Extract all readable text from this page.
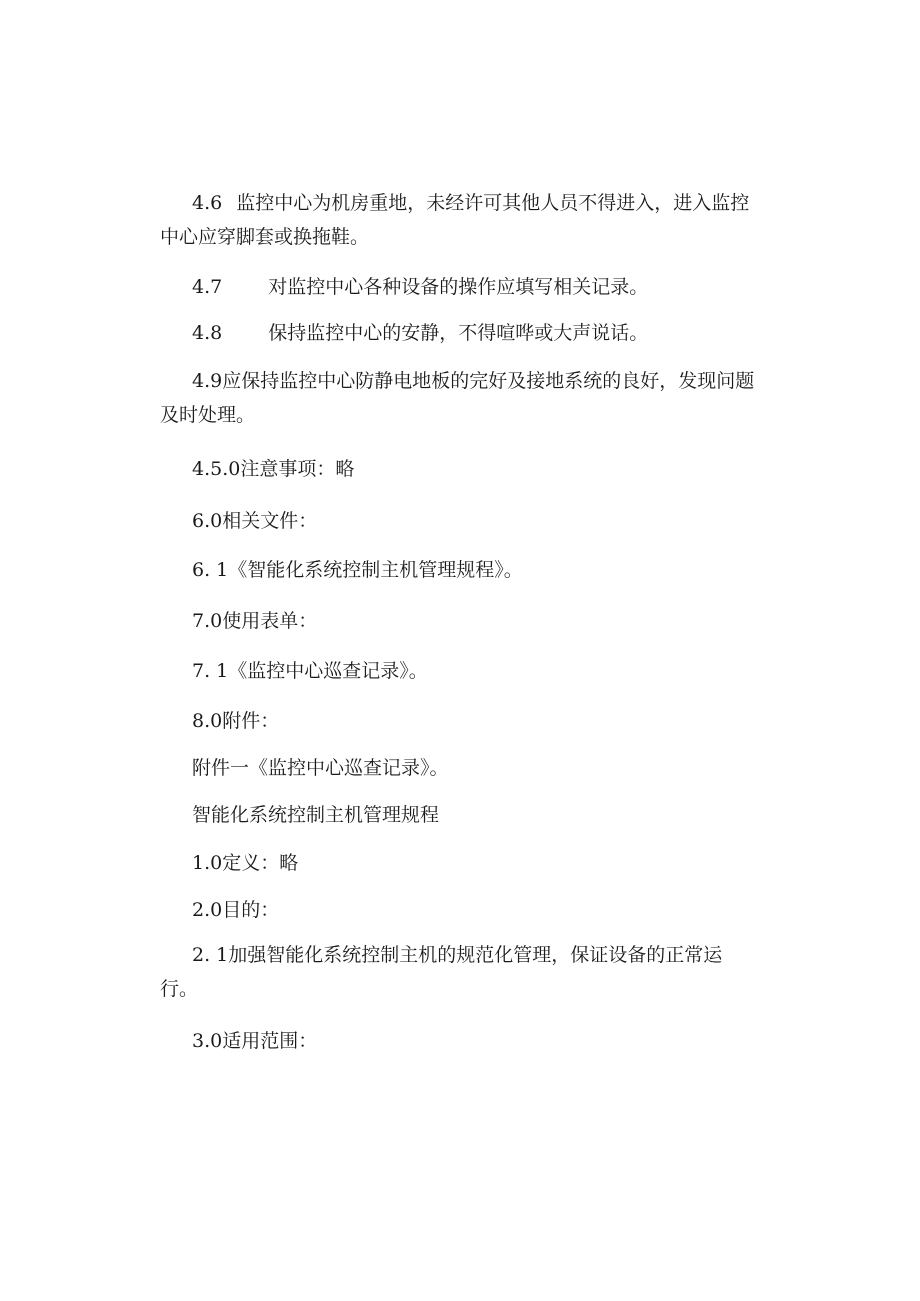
4.6 监控中心为机房重地，未经许可其他人员不得进入，进入监控中心应穿脚套或换拖鞋。

4.7 对监控中心各种设备的操作应填写相关记录。
4.8 保持监控中心的安静，不得喧哗或大声说话。

4.9应保持监控中心防静电地板的完好及接地系统的良好，发现问题及时处理。

4.5.0注意事项：略
6.0相关文件：
6. 1《智能化系统控制主机管理规程》。
7.0使用表单：
7. 1《监控中心巡查记录》。
8.0附件：
附件一《监控中心巡查记录》。
智能化系统控制主机管理规程
1.0定义：略
2.0目的：

2. 1加强智能化系统控制主机的规范化管理，保证设备的正常运行。

3.0适用范围：
